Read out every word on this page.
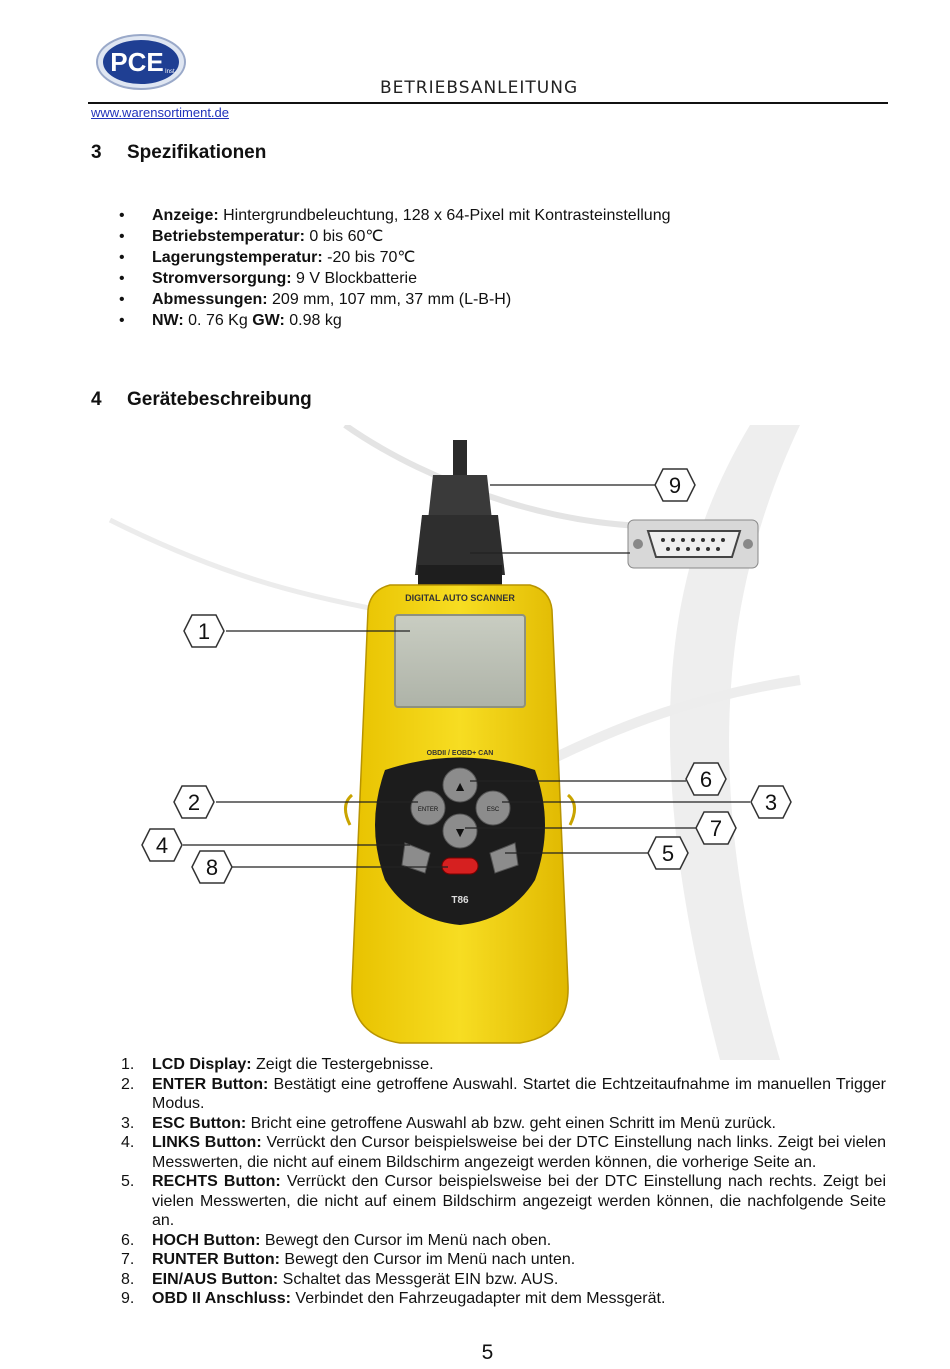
PCE Inst.
BETRIEBSANLEITUNG
www.warensortiment.de
3 Spezifikationen
• Anzeige: Hintergrundbeleuchtung, 128 x 64-Pixel mit Kontrasteinstellung
• Betriebstemperatur: 0 bis 60℃
• Lagerungstemperatur: -20 bis 70℃
• Stromversorgung: 9 V Blockbatterie
• Abmessungen: 209 mm, 107 mm, 37 mm (L-B-H)
• NW: 0. 76 Kg GW: 0.98 kg
4 Gerätebeschreibung
DIGITAL AUTO SCANNER
OBDII / EOBD+ CAN
▲
ENTER	ESC
▼
T86
1
2	3
4	5
6
7
8
9
1. LCD Display: Zeigt die Testergebnisse.
2. ENTER Button: Bestätigt eine getroffene Auswahl. Startet die Echtzeitaufnahme im manuellen Trigger Modus.
3. ESC Button: Bricht eine getroffene Auswahl ab bzw. geht einen Schritt im Menü zurück.
4. LINKS Button: Verrückt den Cursor beispielsweise bei der DTC Einstellung nach links. Zeigt bei vielen Messwerten, die nicht auf einem Bildschirm angezeigt werden können, die vorherige Seite an.
5. RECHTS Button: Verrückt den Cursor beispielsweise bei der DTC Einstellung nach rechts. Zeigt bei vielen Messwerten, die nicht auf einem Bildschirm angezeigt werden können, die nachfolgende Seite an.
6. HOCH Button: Bewegt den Cursor im Menü nach oben.
7. RUNTER Button: Bewegt den Cursor im Menü nach unten.
8. EIN/AUS Button: Schaltet das Messgerät EIN bzw. AUS.
9. OBD II Anschluss: Verbindet den Fahrzeugadapter mit dem Messgerät.
5
